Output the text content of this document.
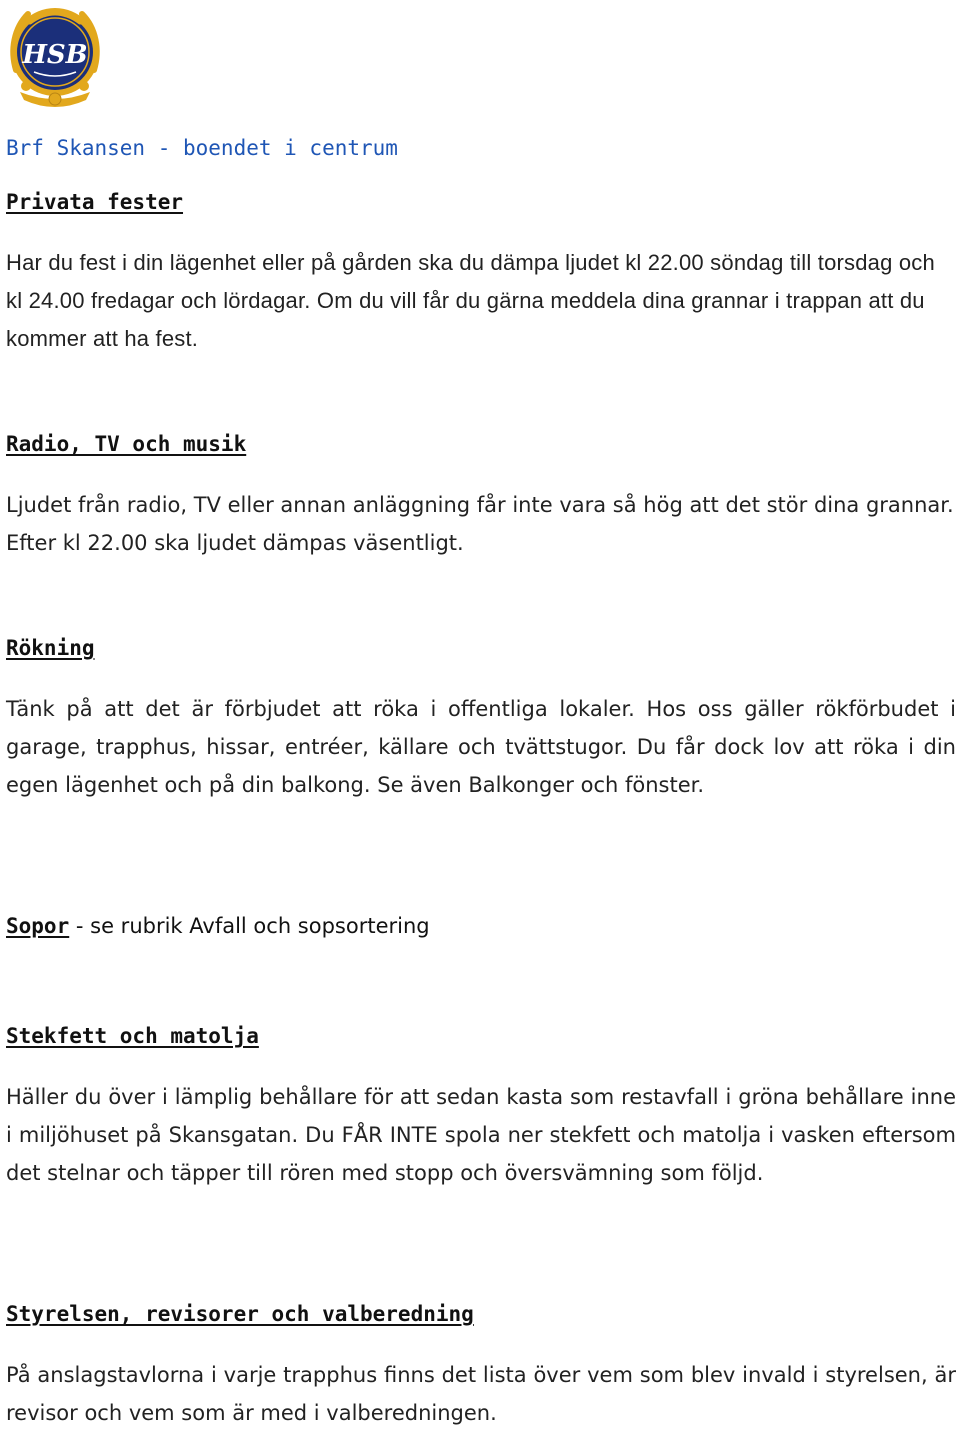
HSB
Brf Skansen - boendet i centrum
Privata fester

Har du fest i din lägenhet eller på gården ska du dämpa ljudet kl 22.00 söndag till torsdag och kl 24.00 fredagar och lördagar. Om du vill får du gärna meddela dina grannar i trappan att du kommer att ha fest.

Radio, TV och musik

Ljudet från radio, TV eller annan anläggning får inte vara så hög att det stör dina grannar. Efter kl 22.00 ska ljudet dämpas väsentligt.

Rökning

Tänk på att det är förbjudet att röka i offentliga lokaler. Hos oss gäller rökförbudet i garage, trapphus, hissar, entréer, källare och tvättstugor. Du får dock lov att röka i din egen lägenhet och på din balkong. Se även Balkonger och fönster.

Sopor - se rubrik Avfall och sopsortering
Stekfett och matolja

Häller du över i lämplig behållare för att sedan kasta som restavfall i gröna behållare inne i miljöhuset på Skansgatan. Du FÅR INTE spola ner stekfett och matolja i vasken eftersom det stelnar och täpper till rören med stopp och översvämning som följd.

Styrelsen, revisorer och valberedning

På anslagstavlorna i varje trapphus finns det lista över vem som blev invald i styrelsen, är revisor och vem som är med i valberedningen.
